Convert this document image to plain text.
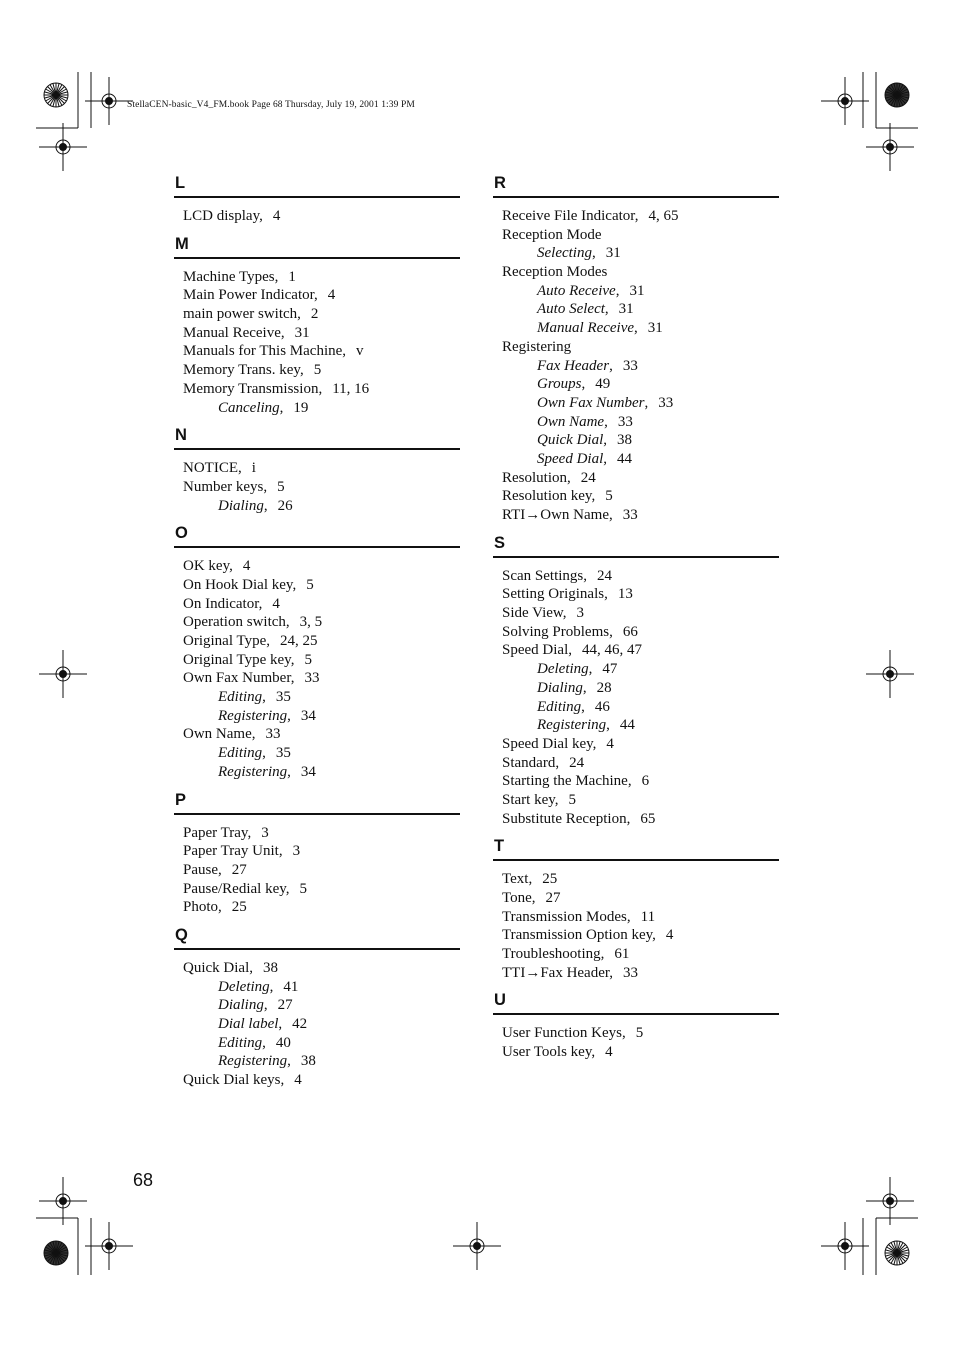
StellaCEN-basic_V4_FM.book Page 68 Thursday, July 19, 2001 1:39 PM
L
LCD display, 4
M
Machine Types, 1
Main Power Indicator, 4
main power switch, 2
Manual Receive, 31
Manuals for This Machine, v
Memory Trans. key, 5
Memory Transmission, 11, 16
Canceling, 19
N
NOTICE, i
Number keys, 5
Dialing, 26
O
OK key, 4
On Hook Dial key, 5
On Indicator, 4
Operation switch, 3, 5
Original Type, 24, 25
Original Type key, 5
Own Fax Number, 33
Editing, 35
Registering, 34
Own Name, 33
Editing, 35
Registering, 34
P
Paper Tray, 3
Paper Tray Unit, 3
Pause, 27
Pause/Redial key, 5
Photo, 25
Q
Quick Dial, 38
Deleting, 41
Dialing, 27
Dial label, 42
Editing, 40
Registering, 38
Quick Dial keys, 4
R
Receive File Indicator, 4, 65
Reception Mode
Selecting, 31
Reception Modes
Auto Receive, 31
Auto Select, 31
Manual Receive, 31
Registering
Fax Header, 33
Groups, 49
Own Fax Number, 33
Own Name, 33
Quick Dial, 38
Speed Dial, 44
Resolution, 24
Resolution key, 5
RTI→Own Name, 33
S
Scan Settings, 24
Setting Originals, 13
Side View, 3
Solving Problems, 66
Speed Dial, 44, 46, 47
Deleting, 47
Dialing, 28
Editing, 46
Registering, 44
Speed Dial key, 4
Standard, 24
Starting the Machine, 6
Start key, 5
Substitute Reception, 65
T
Text, 25
Tone, 27
Transmission Modes, 11
Transmission Option key, 4
Troubleshooting, 61
TTI→Fax Header, 33
U
User Function Keys, 5
User Tools key, 4
68
